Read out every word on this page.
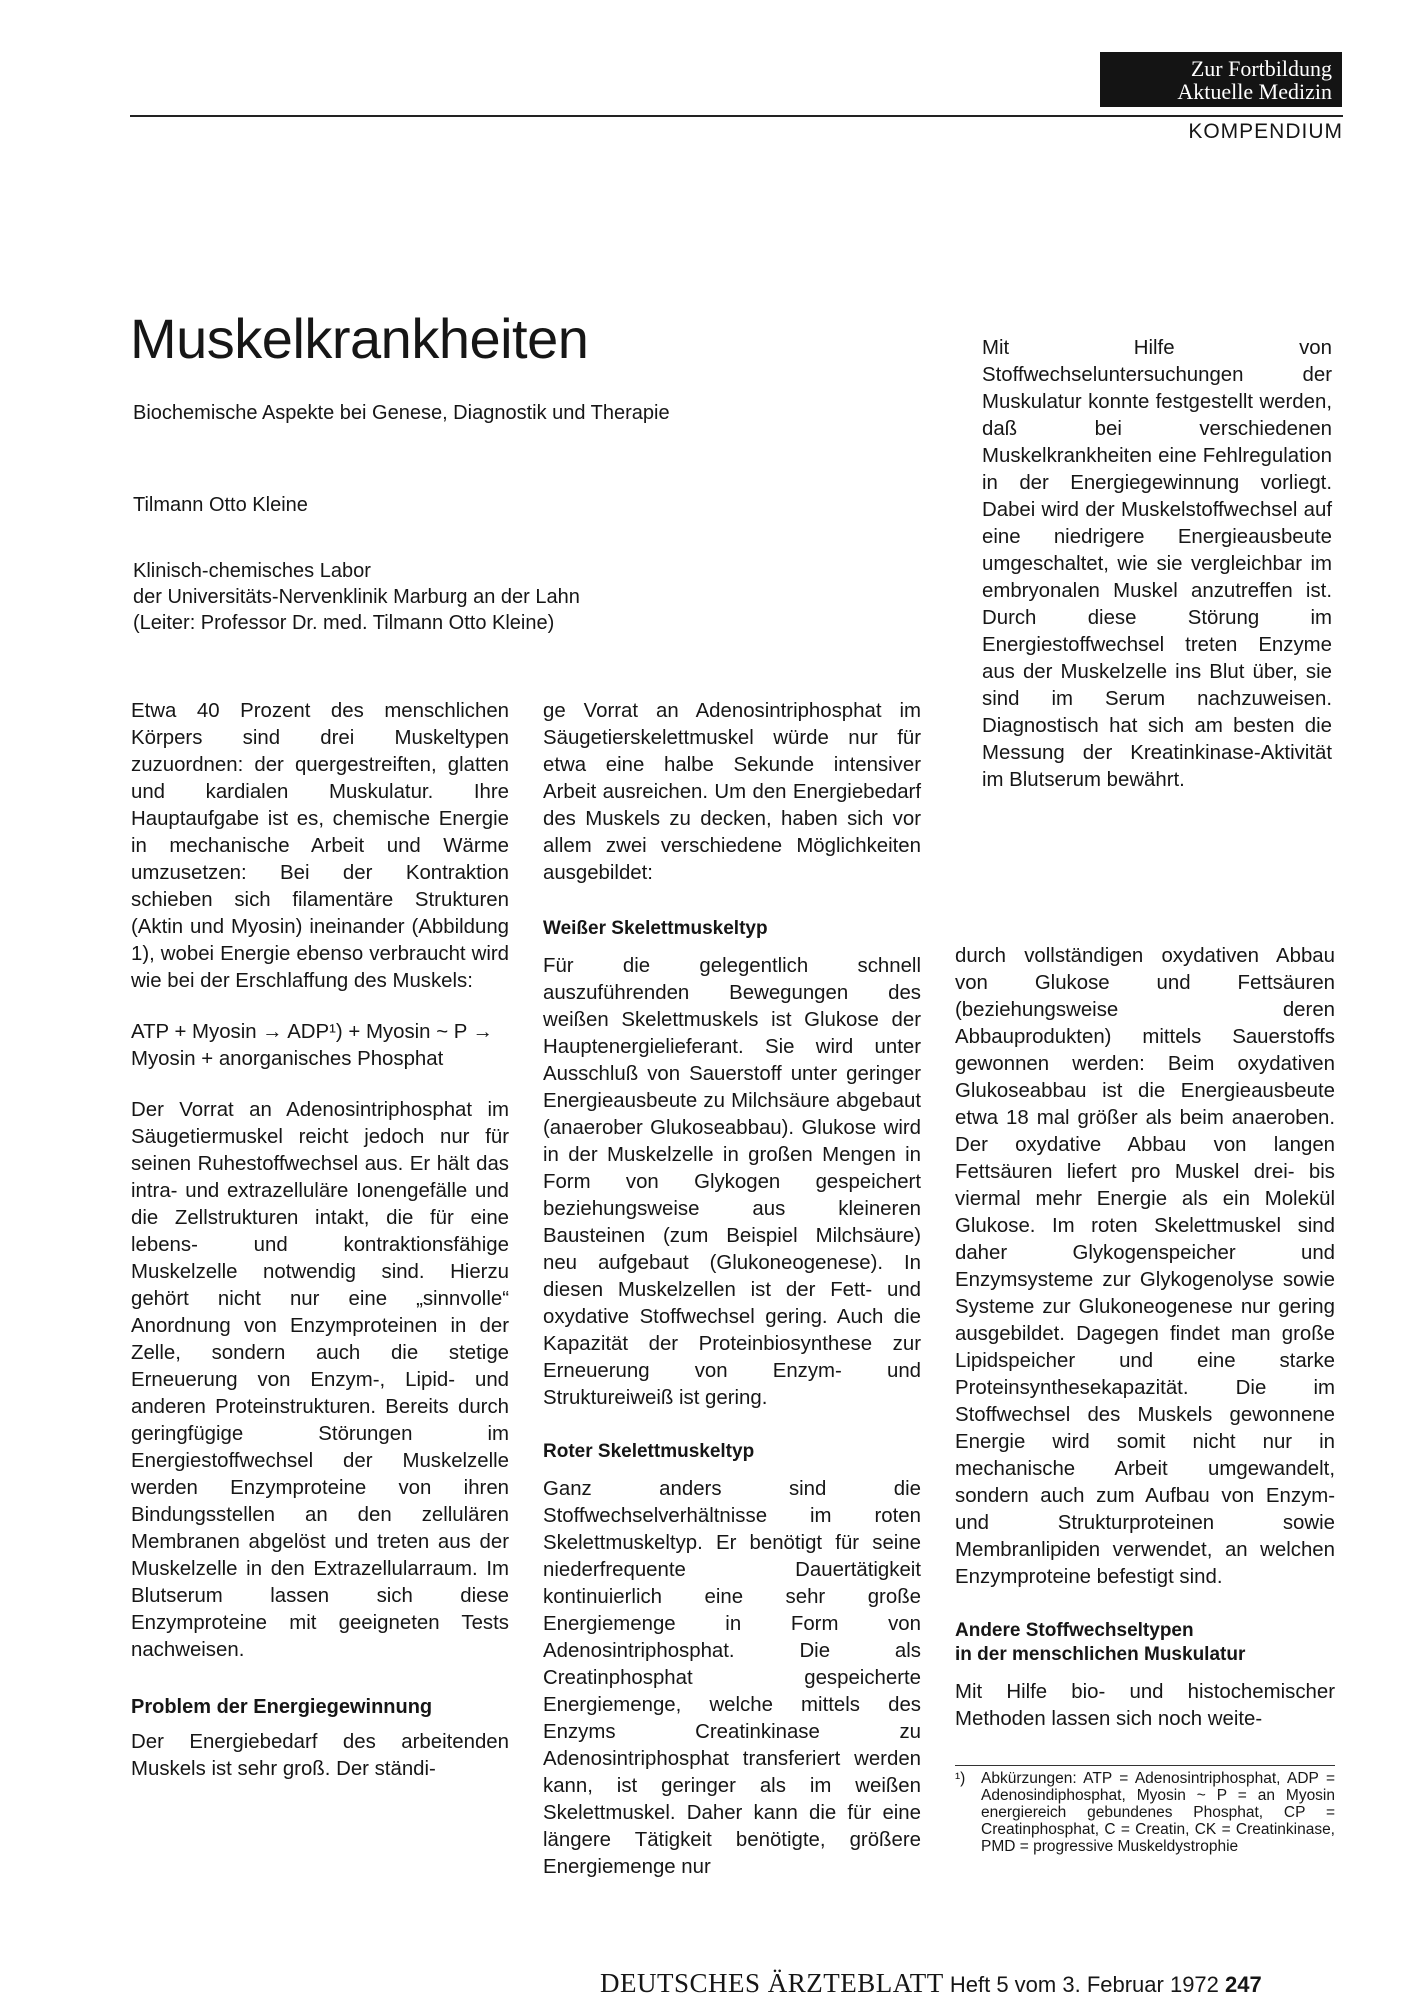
Zur Fortbildung
Aktuelle Medizin
KOMPENDIUM
Muskelkrankheiten
Biochemische Aspekte bei Genese, Diagnostik und Therapie
Tilmann Otto Kleine
Klinisch-chemisches Labor
der Universitäts-Nervenklinik Marburg an der Lahn
(Leiter: Professor Dr. med. Tilmann Otto Kleine)

Etwa 40 Prozent des menschlichen Körpers sind drei Muskeltypen zuzuordnen: der quergestreiften, glatten und kardialen Muskulatur. Ihre Hauptaufgabe ist es, chemische Energie in mechanische Arbeit und Wärme umzusetzen: Bei der Kontraktion schieben sich filamentäre Strukturen (Aktin und Myosin) ineinander (Abbildung 1), wobei Energie ebenso verbraucht wird wie bei der Erschlaffung des Muskels:

ATP + Myosin → ADP¹) + Myosin ~ P → Myosin + anorganisches Phosphat

Der Vorrat an Adenosintriphosphat im Säugetiermuskel reicht jedoch nur für seinen Ruhestoffwechsel aus. Er hält das intra- und extrazelluläre Ionengefälle und die Zellstrukturen intakt, die für eine lebens- und kontraktionsfähige Muskelzelle notwendig sind. Hierzu gehört nicht nur eine „sinnvolle“ Anordnung von Enzymproteinen in der Zelle, sondern auch die stetige Erneuerung von Enzym-, Lipid- und anderen Proteinstrukturen. Bereits durch geringfügige Störungen im Energiestoffwechsel der Muskelzelle werden Enzymproteine von ihren Bindungsstellen an den zellulären Membranen abgelöst und treten aus der Muskelzelle in den Extrazellularraum. Im Blutserum lassen sich diese Enzymproteine mit geeigneten Tests nachweisen.

Problem der Energiegewinnung

Der Energiebedarf des arbeitenden Muskels ist sehr groß. Der ständi-

ge Vorrat an Adenosintriphosphat im Säugetierskelettmuskel würde nur für etwa eine halbe Sekunde intensiver Arbeit ausreichen. Um den Energiebedarf des Muskels zu decken, haben sich vor allem zwei verschiedene Möglichkeiten ausgebildet:

Weißer Skelettmuskeltyp

Für die gelegentlich schnell auszuführenden Bewegungen des weißen Skelettmuskels ist Glukose der Hauptenergielieferant. Sie wird unter Ausschluß von Sauerstoff unter geringer Energieausbeute zu Milchsäure abgebaut (anaerober Glukoseabbau). Glukose wird in der Muskelzelle in großen Mengen in Form von Glykogen gespeichert beziehungsweise aus kleineren Bausteinen (zum Beispiel Milchsäure) neu aufgebaut (Glukoneogenese). In diesen Muskelzellen ist der Fett- und oxydative Stoffwechsel gering. Auch die Kapazität der Proteinbiosynthese zur Erneuerung von Enzym- und Struktureiweiß ist gering.

Roter Skelettmuskeltyp

Ganz anders sind die Stoffwechselverhältnisse im roten Skelettmuskeltyp. Er benötigt für seine niederfrequente Dauertätigkeit kontinuierlich eine sehr große Energiemenge in Form von Adenosintriphosphat. Die als Creatinphosphat gespeicherte Energiemenge, welche mittels des Enzyms Creatinkinase zu Adenosintriphosphat transferiert werden kann, ist geringer als im weißen Skelettmuskel. Daher kann die für eine längere Tätigkeit benötigte, größere Energiemenge nur

Mit Hilfe von Stoffwechseluntersuchungen der Muskulatur konnte festgestellt werden, daß bei verschiedenen Muskelkrankheiten eine Fehlregulation in der Energiegewinnung vorliegt. Dabei wird der Muskelstoffwechsel auf eine niedrigere Energieausbeute umgeschaltet, wie sie vergleichbar im embryonalen Muskel anzutreffen ist. Durch diese Störung im Energiestoffwechsel treten Enzyme aus der Muskelzelle ins Blut über, sie sind im Serum nachzuweisen. Diagnostisch hat sich am besten die Messung der Kreatinkinase-Aktivität im Blutserum bewährt.

durch vollständigen oxydativen Abbau von Glukose und Fettsäuren (beziehungsweise deren Abbauprodukten) mittels Sauerstoffs gewonnen werden: Beim oxydativen Glukoseabbau ist die Energieausbeute etwa 18 mal größer als beim anaeroben. Der oxydative Abbau von langen Fettsäuren liefert pro Muskel drei- bis viermal mehr Energie als ein Molekül Glukose. Im roten Skelettmuskel sind daher Glykogenspeicher und Enzymsysteme zur Glykogenolyse sowie Systeme zur Glukoneogenese nur gering ausgebildet. Dagegen findet man große Lipidspeicher und eine starke Proteinsynthesekapazität. Die im Stoffwechsel des Muskels gewonnene Energie wird somit nicht nur in mechanische Arbeit umgewandelt, sondern auch zum Aufbau von Enzym- und Strukturproteinen sowie Membranlipiden verwendet, an welchen Enzymproteine befestigt sind.

Andere Stoffwechseltypen
in der menschlichen Muskulatur

Mit Hilfe bio- und histochemischer Methoden lassen sich noch weite-

¹) Abkürzungen: ATP = Adenosintriphosphat, ADP = Adenosindiphosphat, Myosin ~ P = an Myosin energiereich gebundenes Phosphat, CP = Creatinphosphat, C = Creatin, CK = Creatinkinase, PMD = progressive Muskeldystrophie
DEUTSCHES ÄRZTEBLATT Heft 5 vom 3. Februar 1972 247
